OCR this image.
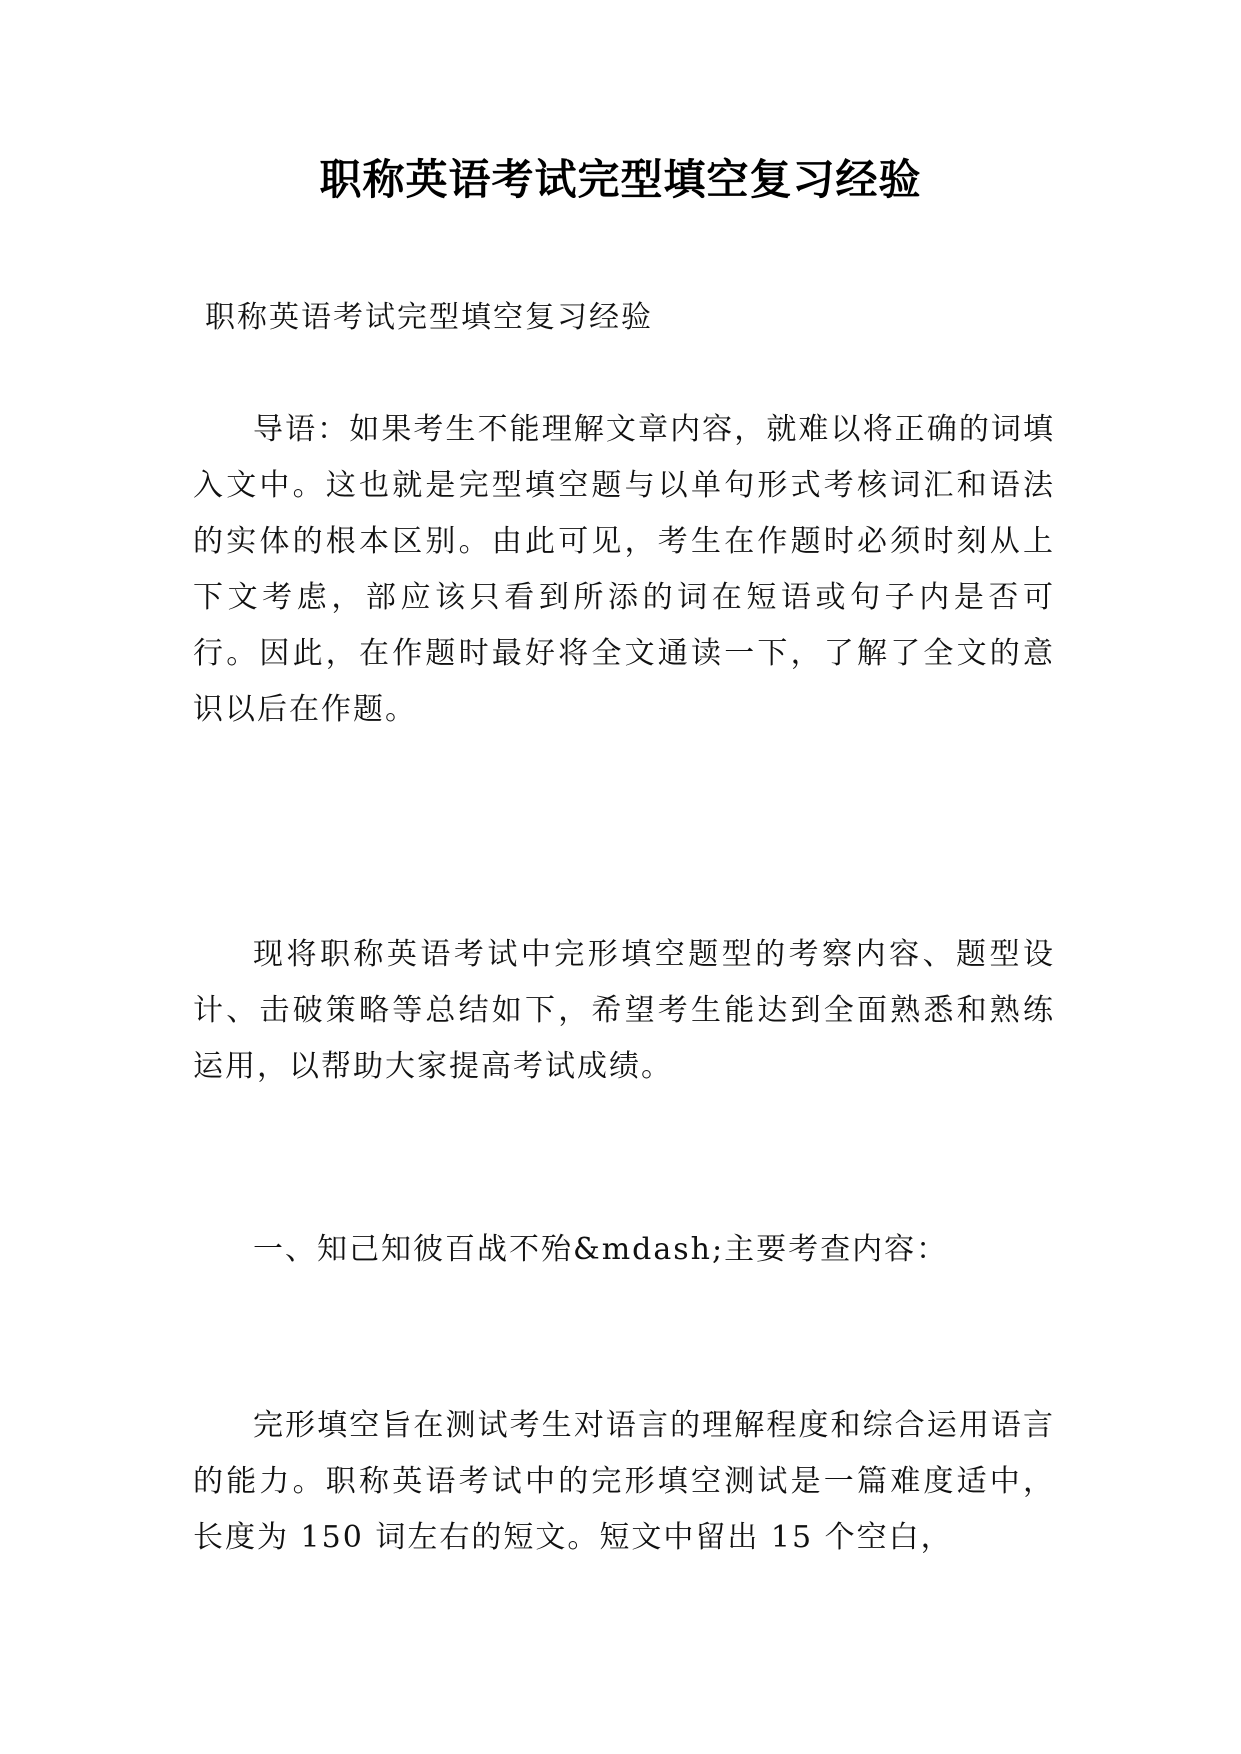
职称英语考试完型填空复习经验
职称英语考试完型填空复习经验
导语：如果考生不能理解文章内容，就难以将正确的词填入文中。这也就是完型填空题与以单句形式考核词汇和语法的实体的根本区别。由此可见，考生在作题时必须时刻从上下文考虑，部应该只看到所添的词在短语或句子内是否可行。因此，在作题时最好将全文通读一下，了解了全文的意识以后在作题。
现将职称英语考试中完形填空题型的考察内容、题型设计、击破策略等总结如下，希望考生能达到全面熟悉和熟练运用，以帮助大家提高考试成绩。
一、知己知彼百战不殆&mdash;主要考查内容：
完形填空旨在测试考生对语言的理解程度和综合运用语言的能力。职称英语考试中的完形填空测试是一篇难度适中，长度为 150 词左右的短文。短文中留出 15 个空白，
